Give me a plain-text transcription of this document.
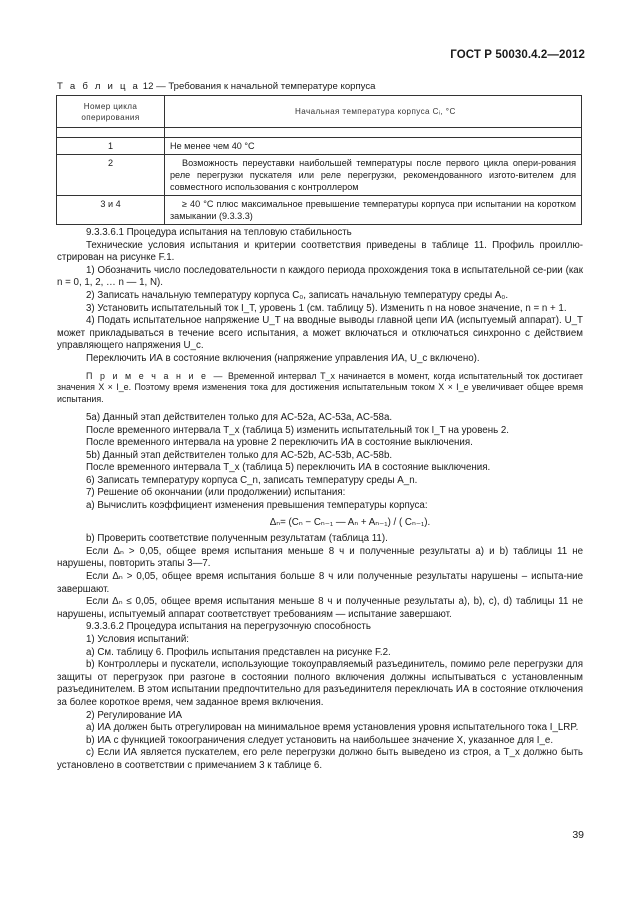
ГОСТ Р 50030.4.2—2012
Т а б л и ц а 12 — Требования к начальной температуре корпуса
Номер цикла оперирования	Начальная температура корпуса Cᵢ, °C

1	Не менее чем 40 °C
2	Возможность переуставки наибольшей температуры после первого цикла опери-рования реле перегрузки пускателя или реле перегрузки, рекомендованного изгото-вителем для совместного использования с контроллером
3 и 4	≥ 40 °C плюс максимальное превышение температуры корпуса при испытании на коротком замыкании (9.3.3.3)

9.3.3.6.1 Процедура испытания на тепловую стабильность

Технические условия испытания и критерии соответствия приведены в таблице 11. Профиль проиллю-стрирован на рисунке F.1.

1) Обозначить число последовательности n каждого периода прохождения тока в испытательной се-рии (как n = 0, 1, 2, … n — 1, N).

2) Записать начальную температуру корпуса C₀, записать начальную температуру среды A₀.

3) Установить испытательный ток I_T, уровень 1 (см. таблицу 5). Изменить n на новое значение, n = n + 1.

4) Подать испытательное напряжение U_T на вводные выводы главной цепи ИА (испытуемый аппарат). U_T может прикладываться в течение всего испытания, а может включаться и отключаться синхронно с действием управляющего напряжения U_c.

Переключить ИА в состояние включения (напряжение управления ИА, U_c включено).

П р и м е ч а н и е — Временной интервал T_x начинается в момент, когда испытательный ток достигает значения X × I_e. Поэтому время изменения тока для достижения испытательным током X × I_e увеличивает общее время испытания.

5а) Данный этап действителен только для АС-52a, AC-53a, AC-58a.

После временного интервала T_x (таблица 5) изменить испытательный ток I_T на уровень 2.

После временного интервала на уровне 2 переключить ИА в состояние выключения.

5b) Данный этап действителен только для АС-52b, AC-53b, AC-58b.

После временного интервала T_x (таблица 5) переключить ИА в состояние выключения.

6) Записать температуру корпуса C_n, записать температуру среды A_n.

7) Решение об окончании (или продолжении) испытания:

a) Вычислить коэффициент изменения превышения температуры корпуса:

Δₙ= (Cₙ − Cₙ₋₁ — Aₙ + Aₙ₋₁) / ( Cₙ₋₁).

b) Проверить соответствие полученным результатам (таблица 11).

Если Δₙ > 0,05, общее время испытания меньше 8 ч и полученные результаты a) и b) таблицы 11 не нарушены, повторить этапы 3—7.

Если Δₙ > 0,05, общее время испытания больше 8 ч или полученные результаты нарушены – испыта-ние завершают.

Если Δₙ ≤ 0,05, общее время испытания меньше 8 ч и полученные результаты a), b), c), d) таблицы 11 не нарушены, испытуемый аппарат соответствует требованиям — испытание завершают.

9.3.3.6.2 Процедура испытания на перегрузочную способность

1) Условия испытаний:

a) См. таблицу 6. Профиль испытания представлен на рисунке F.2.

b) Контроллеры и пускатели, использующие токоуправляемый разъединитель, помимо реле перегрузки для защиты от перегрузок при разгоне в состоянии полного включения должны испытываться с установленным разъединителем. В этом испытании предпочтительно для разъединителя переключать ИА в состояние отключения за более короткое время, чем заданное время включения.

2) Регулирование ИА

a) ИА должен быть отрегулирован на минимальное время установления уровня испытательного тока I_LRP.

b) ИА с функцией токоограничения следует установить на наибольшее значение X, указанное для I_e.

c) Если ИА является пускателем, его реле перегрузки должно быть выведено из строя, а T_x должно быть установлено в соответствии с примечанием 3 к таблице 6.

39
